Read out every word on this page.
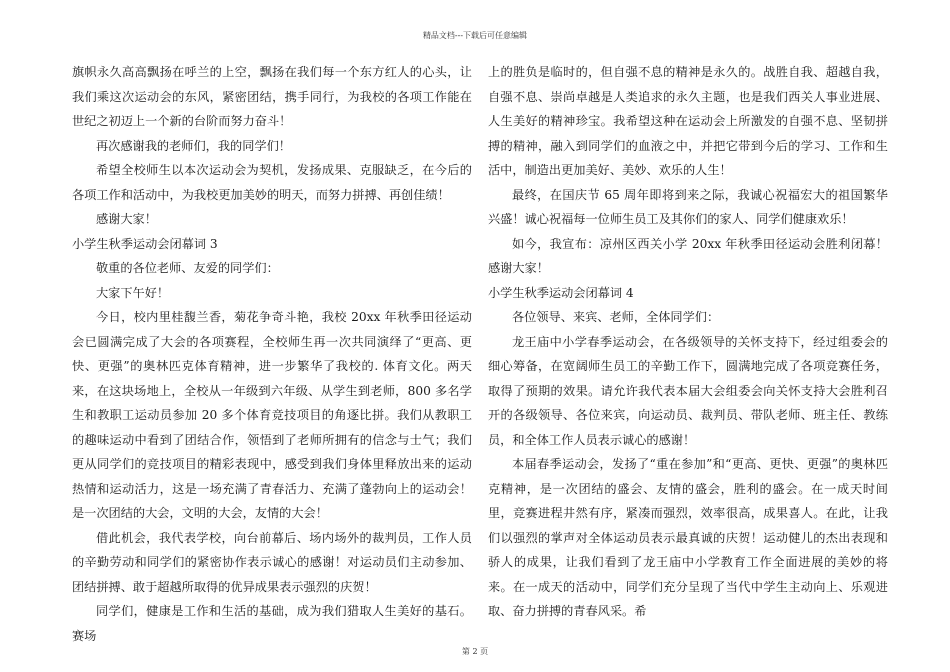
精品文档---下载后可任意编辑

旗帜永久高高飘扬在呼兰的上空，飘扬在我们每一个东方红人的心头，让我们乘这次运动会的东风，紧密团结，携手同行，为我校的各项工作能在世纪之初迈上一个新的台阶而努力奋斗！

再次感谢我的老师们，我的同学们！

希望全校师生以本次运动会为契机，发扬成果、克服缺乏，在今后的各项工作和活动中，为我校更加美妙的明天，而努力拼搏、再创佳绩！

感谢大家！

小学生秋季运动会闭幕词 3

敬重的各位老师、友爱的同学们：

大家下午好！

今日，校内里桂馥兰香，菊花争奇斗艳，我校 20xx 年秋季田径运动会已圆满完成了大会的各项赛程，全校师生再一次共同演绎了“更高、更快、更强”的奥林匹克体育精神，进一步繁华了我校的. 体育文化。两天来，在这块场地上，全校从一年级到六年级、从学生到老师，800 多名学生和教职工运动员参加 20 多个体育竞技项目的角逐比拼。我们从教职工的趣味运动中看到了团结合作，领悟到了老师所拥有的信念与士气；我们更从同学们的竞技项目的精彩表现中，感受到我们身体里释放出来的运动热情和运动活力，这是一场充满了青春活力、充满了蓬勃向上的运动会！是一次团结的大会，文明的大会，友情的大会！

借此机会，我代表学校，向台前幕后、场内场外的裁判员，工作人员的辛勤劳动和同学们的紧密协作表示诚心的感谢！对运动员们主动参加、团结拼搏、敢于超越所取得的优异成果表示强烈的庆贺！

同学们，健康是工作和生活的基础，成为我们猎取人生美好的基石。赛场

上的胜负是临时的，但自强不息的精神是永久的。战胜自我、超越自我，自强不息、崇尚卓越是人类追求的永久主题，也是我们西关人事业进展、人生美好的精神珍宝。我希望这种在运动会上所激发的自强不息、坚韧拼搏的精神，融入到同学们的血液之中，并把它带到今后的学习、工作和生活中，制造出更加美好、美妙、欢乐的人生！

最终，在国庆节 65 周年即将到来之际，我诚心祝福宏大的祖国繁华兴盛！诚心祝福每一位师生员工及其你们的家人、同学们健康欢乐！

如今，我宣布：凉州区西关小学 20xx 年秋季田径运动会胜利闭幕！感谢大家！

小学生秋季运动会闭幕词 4

各位领导、来宾、老师，全体同学们：

龙王庙中小学春季运动会，在各级领导的关怀支持下，经过组委会的细心筹备，在宽阔师生员工的辛勤工作下，圆满地完成了各项竞赛任务，取得了预期的效果。请允许我代表本届大会组委会向关怀支持大会胜利召开的各级领导、各位来宾，向运动员、裁判员、带队老师、班主任、教练员，和全体工作人员表示诚心的感谢！

本届春季运动会，发扬了“重在参加”和“更高、更快、更强”的奥林匹克精神，是一次团结的盛会、友情的盛会，胜利的盛会。在一成天时间里，竞赛进程井然有序，紧凑而强烈，效率很高，成果喜人。在此，让我们以强烈的掌声对全体运动员表示最真诚的庆贺！运动健儿的杰出表现和骄人的成果，让我们看到了龙王庙中小学教育工作全面进展的美妙的将来。在一成天的活动中，同学们充分呈现了当代中学生主动向上、乐观进取、奋力拼搏的青春风采。希

第 2 页
